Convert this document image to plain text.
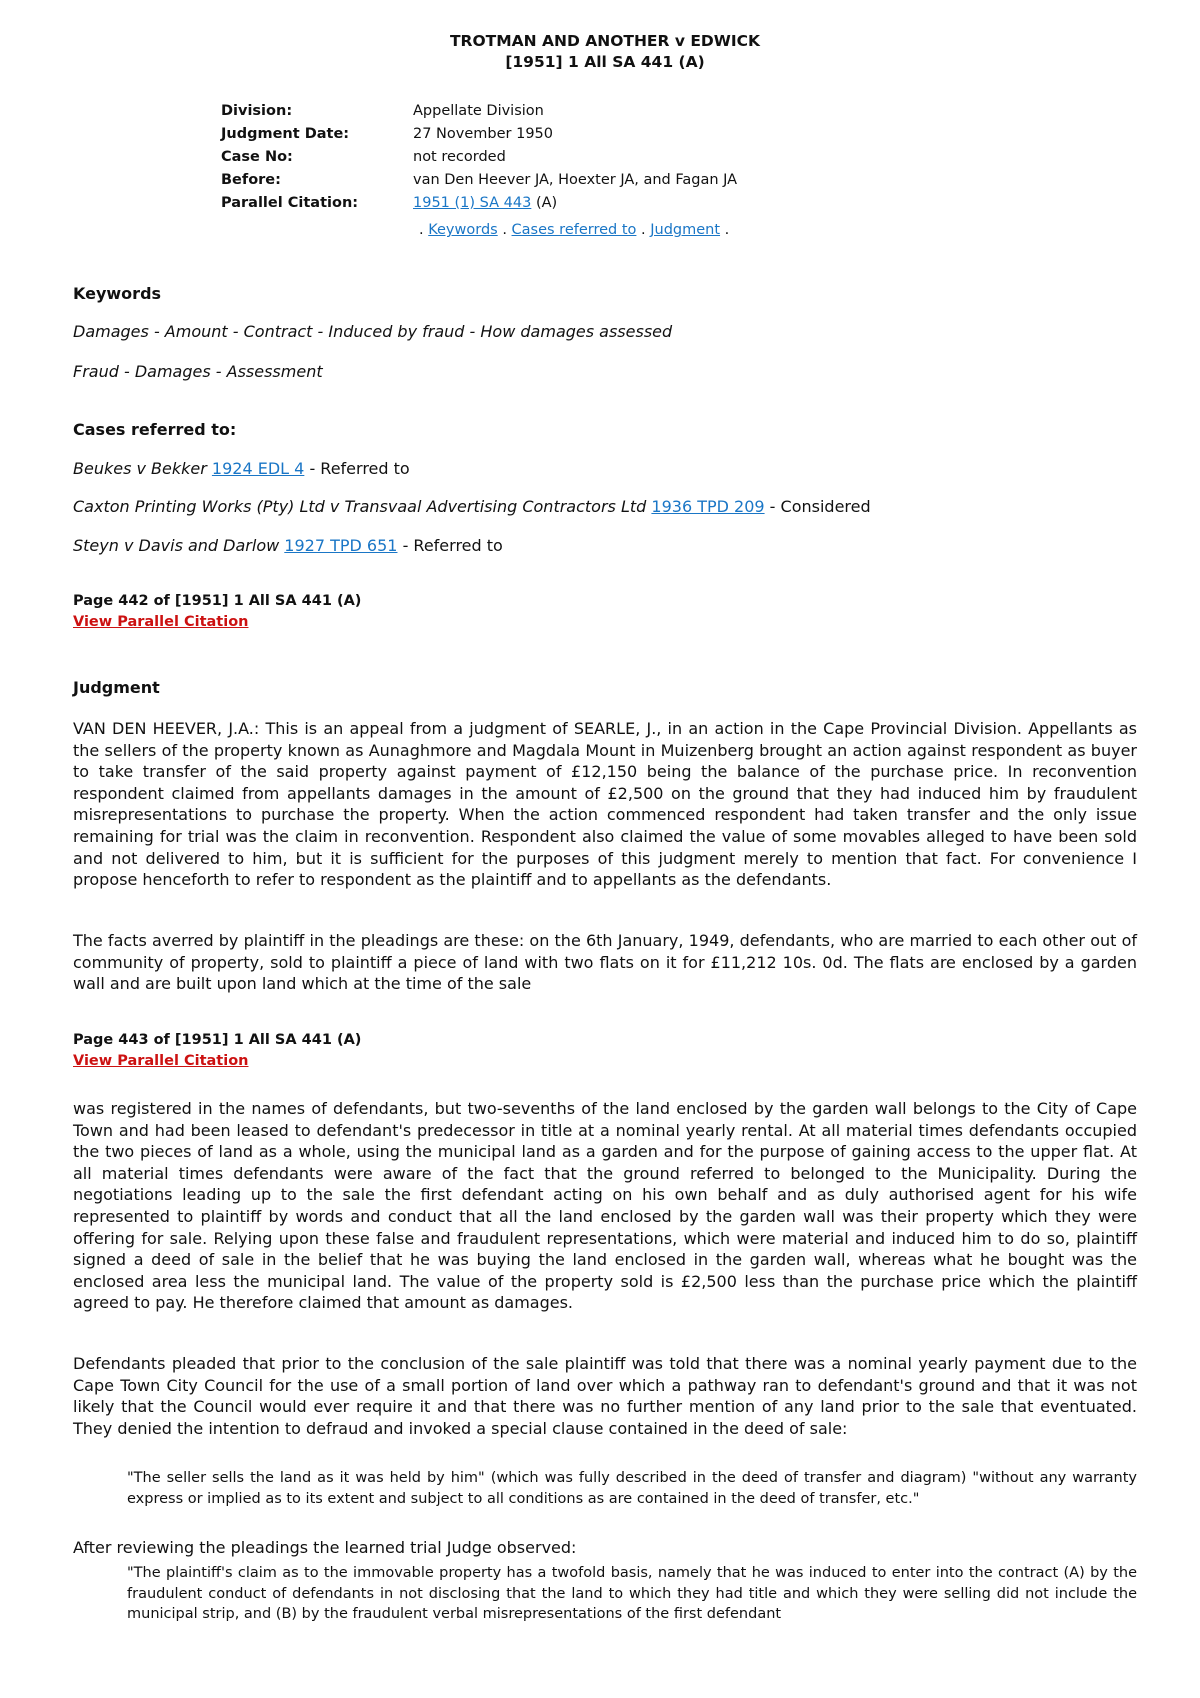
TROTMAN AND ANOTHER v EDWICK
[1951] 1 All SA 441 (A)
Division:	Appellate Division
Judgment Date:	27 November 1950
Case No:	not recorded
Before:	van Den Heever JA, Hoexter JA, and Fagan JA
Parallel Citation:	1951 (1) SA 443 (A)
. Keywords . Cases referred to . Judgment .
Keywords
Damages - Amount - Contract - Induced by fraud - How damages assessed
Fraud - Damages - Assessment
Cases referred to:
Beukes v Bekker 1924 EDL 4 - Referred to
Caxton Printing Works (Pty) Ltd v Transvaal Advertising Contractors Ltd 1936 TPD 209 - Considered
Steyn v Davis and Darlow 1927 TPD 651 - Referred to
Page 442 of [1951] 1 All SA 441 (A)
View Parallel Citation
Judgment
VAN DEN HEEVER, J.A.: This is an appeal from a judgment of SEARLE, J., in an action in the Cape Provincial Division. Appellants as the sellers of the property known as Aunaghmore and Magdala Mount in Muizenberg brought an action against respondent as buyer to take transfer of the said property against payment of £12,150 being the balance of the purchase price. In reconvention respondent claimed from appellants damages in the amount of £2,500 on the ground that they had induced him by fraudulent misrepresentations to purchase the property. When the action commenced respondent had taken transfer and the only issue remaining for trial was the claim in reconvention. Respondent also claimed the value of some movables alleged to have been sold and not delivered to him, but it is sufficient for the purposes of this judgment merely to mention that fact. For convenience I propose henceforth to refer to respondent as the plaintiff and to appellants as the defendants.
The facts averred by plaintiff in the pleadings are these: on the 6th January, 1949, defendants, who are married to each other out of community of property, sold to plaintiff a piece of land with two flats on it for £11,212 10s. 0d. The flats are enclosed by a garden wall and are built upon land which at the time of the sale
Page 443 of [1951] 1 All SA 441 (A)
View Parallel Citation
was registered in the names of defendants, but two-sevenths of the land enclosed by the garden wall belongs to the City of Cape Town and had been leased to defendant's predecessor in title at a nominal yearly rental. At all material times defendants occupied the two pieces of land as a whole, using the municipal land as a garden and for the purpose of gaining access to the upper flat. At all material times defendants were aware of the fact that the ground referred to belonged to the Municipality. During the negotiations leading up to the sale the first defendant acting on his own behalf and as duly authorised agent for his wife represented to plaintiff by words and conduct that all the land enclosed by the garden wall was their property which they were offering for sale. Relying upon these false and fraudulent representations, which were material and induced him to do so, plaintiff signed a deed of sale in the belief that he was buying the land enclosed in the garden wall, whereas what he bought was the enclosed area less the municipal land. The value of the property sold is £2,500 less than the purchase price which the plaintiff agreed to pay. He therefore claimed that amount as damages.
Defendants pleaded that prior to the conclusion of the sale plaintiff was told that there was a nominal yearly payment due to the Cape Town City Council for the use of a small portion of land over which a pathway ran to defendant's ground and that it was not likely that the Council would ever require it and that there was no further mention of any land prior to the sale that eventuated. They denied the intention to defraud and invoked a special clause contained in the deed of sale:
"The seller sells the land as it was held by him" (which was fully described in the deed of transfer and diagram) "without any warranty express or implied as to its extent and subject to all conditions as are contained in the deed of transfer, etc."
After reviewing the pleadings the learned trial Judge observed:
"The plaintiff's claim as to the immovable property has a twofold basis, namely that he was induced to enter into the contract (A) by the fraudulent conduct of defendants in not disclosing that the land to which they had title and which they were selling did not include the municipal strip, and (B) by the fraudulent verbal misrepresentations of the first defendant
